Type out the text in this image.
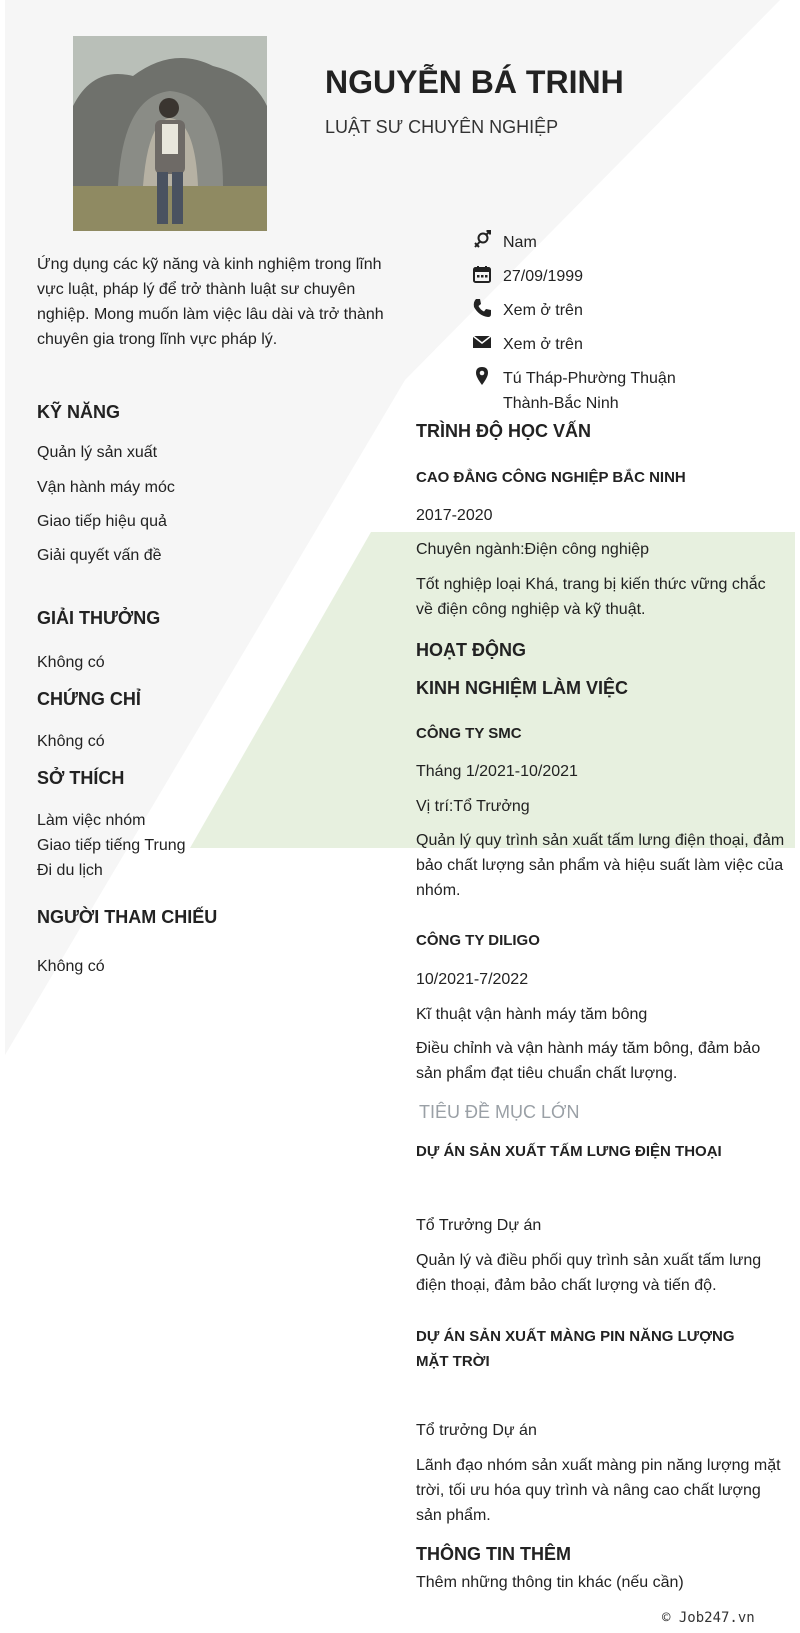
NGUYỄN BÁ TRINH
LUẬT SƯ CHUYÊN NGHIỆP

Ứng dụng các kỹ năng và kinh nghiệm trong lĩnh vực luật, pháp lý để trở thành luật sư chuyên nghiệp. Mong muốn làm việc lâu dài và trở thành chuyên gia trong lĩnh vực pháp lý.

Nam
27/09/1999
Xem ở trên
Xem ở trên
Tú Tháp-Phường Thuận
Thành-Bắc Ninh
KỸ NĂNG
Quản lý sản xuất
Vận hành máy móc
Giao tiếp hiệu quả
Giải quyết vấn đề
GIẢI THƯỞNG
Không có
CHỨNG CHỈ
Không có
SỞ THÍCH
Làm việc nhóm
Giao tiếp tiếng Trung
Đi du lịch
NGƯỜI THAM CHIẾU
Không có
TRÌNH ĐỘ HỌC VẤN
CAO ĐẲNG CÔNG NGHIỆP BẮC NINH
2017-2020
Chuyên ngành:Điện công nghiệp
Tốt nghiệp loại Khá, trang bị kiến thức vững chắc về điện công nghiệp và kỹ thuật.
HOẠT ĐỘNG
KINH NGHIỆM LÀM VIỆC
CÔNG TY SMC
Tháng 1/2021-10/2021
Vị trí:Tổ Trưởng
Quản lý quy trình sản xuất tấm lưng điện thoại, đảm bảo chất lượng sản phẩm và hiệu suất làm việc của nhóm.
CÔNG TY DILIGO
10/2021-7/2022
Kĩ thuật vận hành máy tăm bông
Điều chỉnh và vận hành máy tăm bông, đảm bảo sản phẩm đạt tiêu chuẩn chất lượng.
TIÊU ĐỀ MỤC LỚN
DỰ ÁN SẢN XUẤT TẤM LƯNG ĐIỆN THOẠI
Tổ Trưởng Dự án
Quản lý và điều phối quy trình sản xuất tấm lưng điện thoại, đảm bảo chất lượng và tiến độ.
DỰ ÁN SẢN XUẤT MÀNG PIN NĂNG LƯỢNG
MẶT TRỜI
Tổ trưởng Dự án
Lãnh đạo nhóm sản xuất màng pin năng lượng mặt trời, tối ưu hóa quy trình và nâng cao chất lượng sản phẩm.
THÔNG TIN THÊM
Thêm những thông tin khác (nếu cần)
© Job247.vn
